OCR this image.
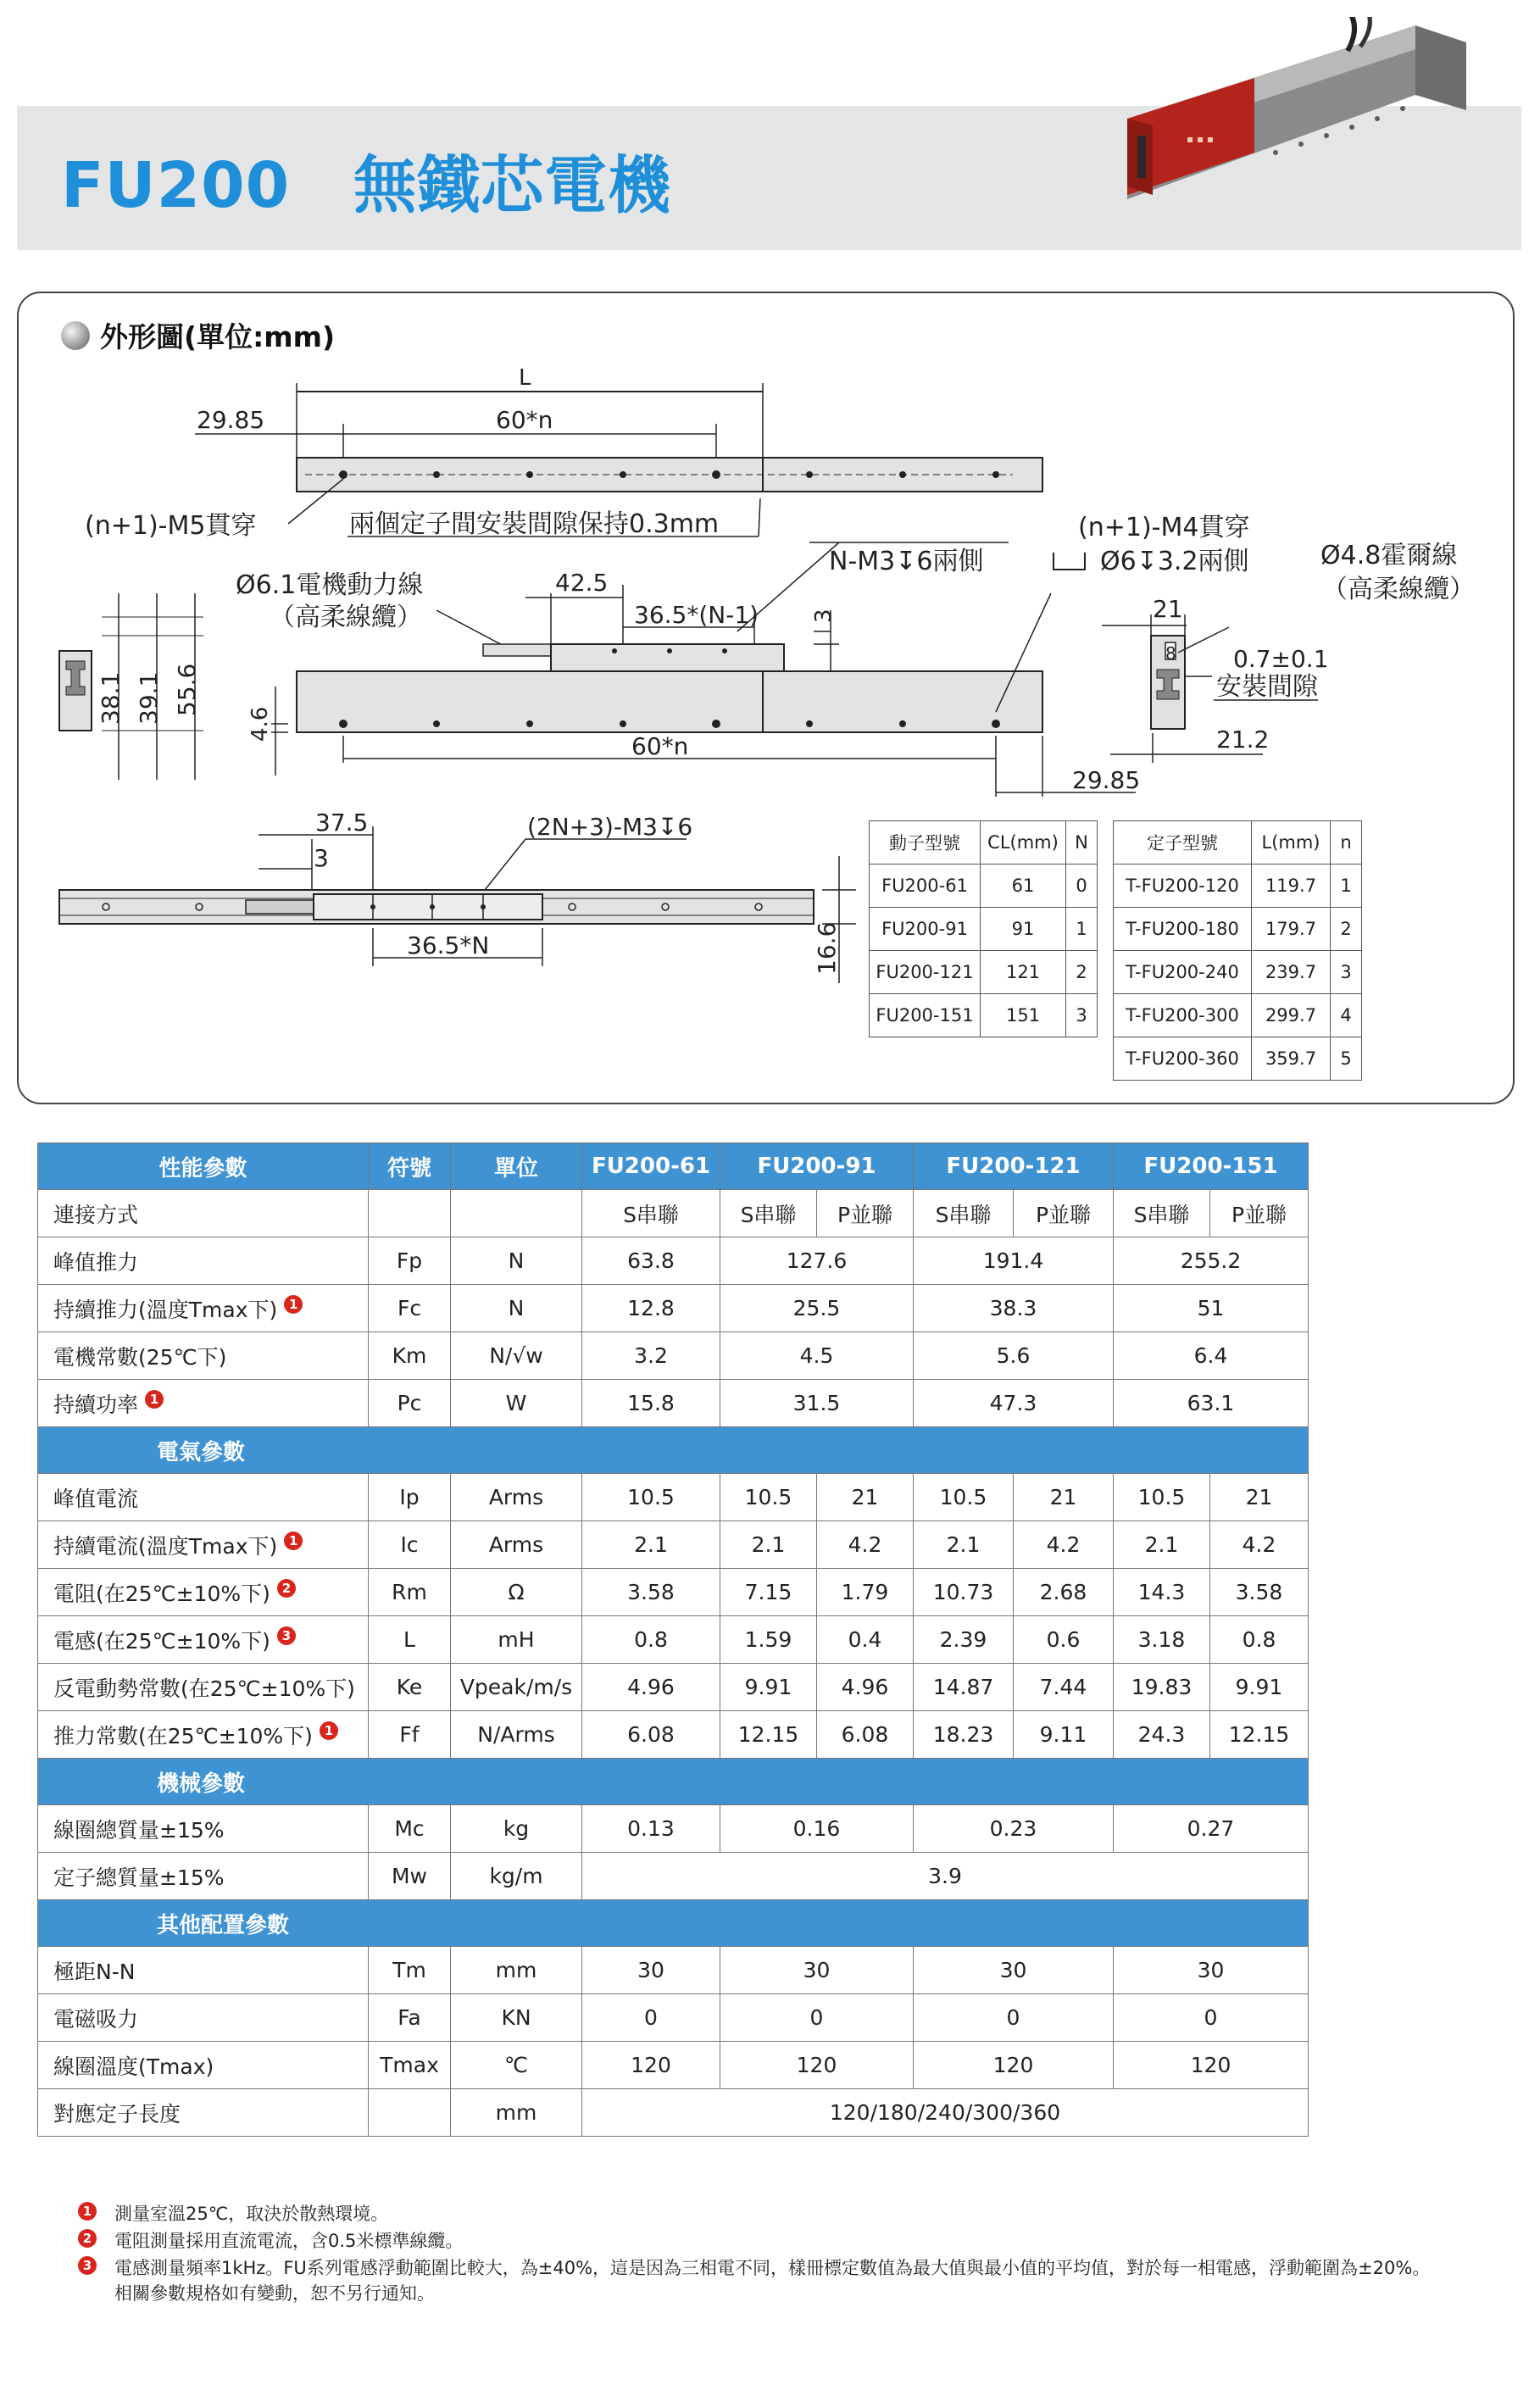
FU200　無鐵芯電機
▪ ▪ ▪
外形圖(單位:mm)
L
29.85	60*n
(n+1)-M5貫穿	兩個定子間安裝間隙保持0.3mm
N-M3↧6兩側
(n+1)-M4貫穿
Ø6↧3.2兩側	Ø4.8霍爾線
（高柔線纜）
Ø6.1電機動力線
（高柔線纜）
42.5
36.5*(N-1) 3
4.6
60*n
29.85
38.1 39.1 55.6
21
8 0.7±0.1
安裝間隙
21.2
37.5
3
(2N+3)-M3↧6
36.5*N	16.6
動子型號	CL(mm)	N
FU200-61	61	0
FU200-91	91	1
FU200-121	121	2
FU200-151	151	3
定子型號	L(mm)	n
T-FU200-120	119.7	1
T-FU200-180	179.7	2
T-FU200-240	239.7	3
T-FU200-300	299.7	4
T-FU200-360	359.7	5
性能參數	符號	單位	FU200-61	FU200-91		FU200-121		FU200-151	
連接方式			S串聯	S串聯	P並聯	S串聯	P並聯	S串聯	P並聯
峰值推力	Fp	N	63.8	127.6		191.4		255.2	
持續推力(溫度Tmax下) 1	Fc	N	12.8	25.5		38.3		51	
電機常數(25℃下)	Km	N/√w	3.2	4.5		5.6		6.4	
持續功率 1	Pc	W	15.8	31.5		47.3		63.1	
電氣參數									
峰值電流	Ip	Arms	10.5	10.5	21	10.5	21	10.5	21
持續電流(溫度Tmax下) 1	Ic	Arms	2.1	2.1	4.2	2.1	4.2	2.1	4.2
電阻(在25℃±10%下) 2	Rm	Ω	3.58	7.15	1.79	10.73	2.68	14.3	3.58
電感(在25℃±10%下) 3	L	mH	0.8	1.59	0.4	2.39	0.6	3.18	0.8
反電動勢常數(在25℃±10%下)	Ke	Vpeak/m/s	4.96	9.91	4.96	14.87	7.44	19.83	9.91
推力常數(在25℃±10%下) 1	Ff	N/Arms	6.08	12.15	6.08	18.23	9.11	24.3	12.15
機械參數									
線圈總質量±15%	Mc	kg	0.13	0.16		0.23		0.27	
定子總質量±15%	Mw	kg/m	3.9						
其他配置參數									
極距N-N	Tm	mm	30	30		30		30	
電磁吸力	Fa	KN	0	0		0		0	
線圈溫度(Tmax)	Tmax	℃	120	120		120		120	
對應定子長度		mm	120/180/240/300/360						
1 測量室溫25℃，取決於散熱環境。
2 電阻測量採用直流電流，含0.5米標準線纜。
3 電感測量頻率1kHz。FU系列電感浮動範圍比較大，為±40%，這是因為三相電不同，樣冊標定數值為最大值與最小值的平均值，對於每一相電感，浮動範圍為±20%。
相關參數規格如有變動，恕不另行通知。
